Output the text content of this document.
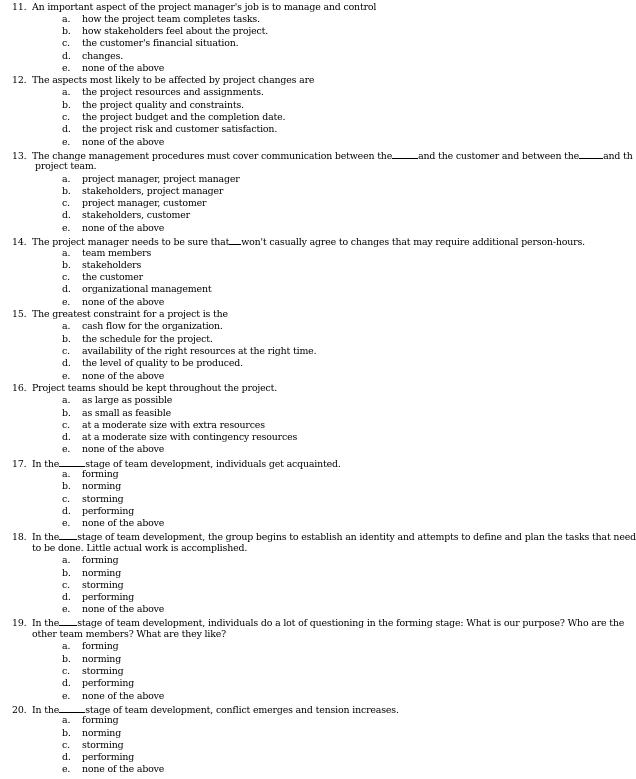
11. An important aspect of the project manager's job is to manage and control
a. how the project team completes tasks.
b. how stakeholders feel about the project.
c. the customer's financial situation.
d. changes.
e. none of the above
12. The aspects most likely to be affected by project changes are
a. the project resources and assignments.
b. the project quality and constraints.
c. the project budget and the completion date.
d. the project risk and customer satisfaction.
e. none of the above
13. The change management procedures must cover communication between the	and the customer and between the	and th
project team.
a. project manager, project manager
b. stakeholders, project manager
c. project manager, customer
d. stakeholders, customer
e. none of the above
14. The project manager needs to be sure that won't casually agree to changes that may require additional person-hours.
a. team members
b. stakeholders
c. the customer
d. organizational management
e. none of the above
15. The greatest constraint for a project is the
a. cash flow for the organization.
b. the schedule for the project.
c. availability of the right resources at the right time.
d. the level of quality to be produced.
e. none of the above
16. Project teams should be kept throughout the project.
a. as large as possible
b. as small as feasible
c. at a moderate size with extra resources
d. at a moderate size with contingency resources
e. none of the above
17. In the	stage of team development, individuals get acquainted.
a. forming
b. norming
c. storming
d. performing
e. none of the above
18. In the stage of team development, the group begins to establish an identity and attempts to define and plan the tasks that need
to be done. Little actual work is accomplished.
a. forming
b. norming
c. storming
d. performing
e. none of the above
19. In the stage of team development, individuals do a lot of questioning in the forming stage: What is our purpose? Who are the
other team members? What are they like?
a. forming
b. norming
c. storming
d. performing
e. none of the above
20. In the	stage of team development, conflict emerges and tension increases.
a. forming
b. norming
c. storming
d. performing
e. none of the above
